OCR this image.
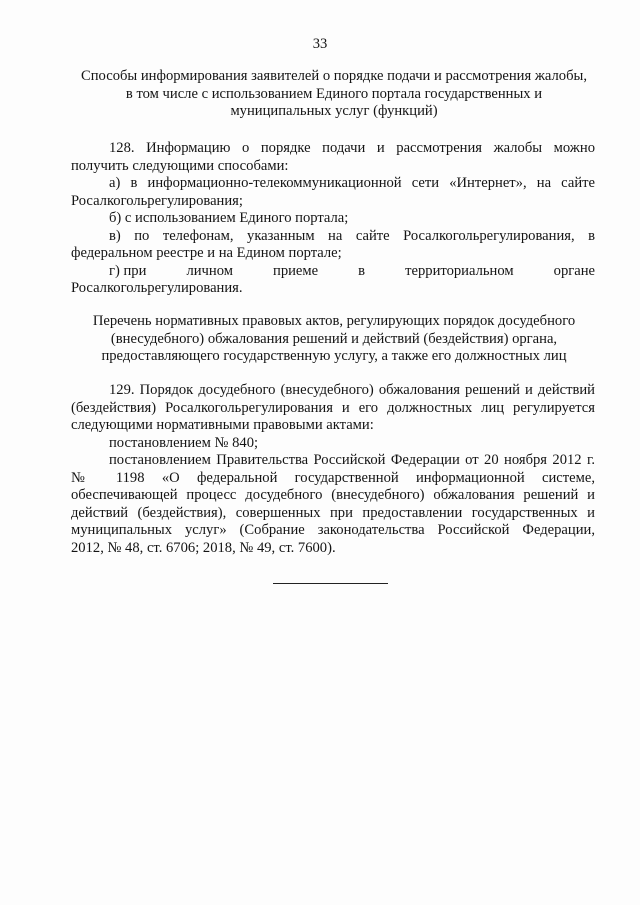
33
Способы информирования заявителей о порядке подачи и рассмотрения жалобы,
в том числе с использованием Единого портала государственных и
муниципальных услуг (функций)
128. Информацию о порядке подачи и рассмотрения жалобы можно
получить следующими способами:
а) в информационно-телекоммуникационной сети «Интернет», на сайте
Росалкогольрегулирования;
б) с использованием Единого портала;
в) по телефонам, указанным на сайте Росалкогольрегулирования, в
федеральном реестре и на Едином портале;
г) при	личном	приеме	в	территориальном	органе
Росалкогольрегулирования.
Перечень нормативных правовых актов, регулирующих порядок досудебного
(внесудебного) обжалования решений и действий (бездействия) органа,
предоставляющего государственную услугу, а также его должностных лиц
129. Порядок досудебного (внесудебного) обжалования решений и действий
(бездействия) Росалкогольрегулирования и его должностных лиц регулируется
следующими нормативными правовыми актами:
постановлением № 840;
постановлением Правительства Российской Федерации от 20 ноября 2012 г.
№ 1198 «О федеральной государственной информационной системе,
обеспечивающей процесс досудебного (внесудебного) обжалования решений и
действий (бездействия), совершенных при предоставлении государственных и
муниципальных услуг» (Собрание законодательства Российской Федерации,
2012, № 48, ст. 6706; 2018, № 49, ст. 7600).
